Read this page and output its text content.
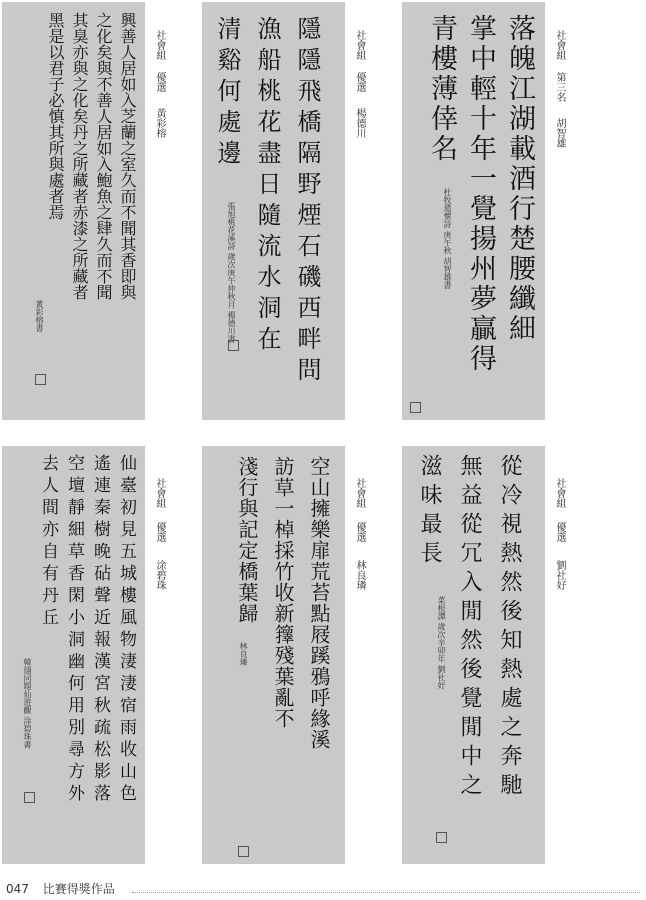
興善人居如入芝蘭之室久而不聞其香即與
之化矣與不善人居如入鮑魚之肆久而不聞
其臭亦與之化矣丹之所藏者赤漆之所藏者
黑是以君子必慎其所與處者焉
黃彩榕書
社會組
優選
黃彩榕	隱隱飛橋隔野煙石磯西畔問
漁船桃花盡日隨流水洞在
清谿何處邊
張旭桃花溪詩 歲次庚午仲秋月 楊德川書
社會組
優選
楊德川	落魄江湖載酒行楚腰纖細
掌中輕十年一覺揚州夢贏得
青樓薄倖名
杜牧遣懷詩 庚午秋 胡智雄書
社會組
第三名
胡智雄
仙臺初見五城樓風物淒淒宿雨收山色
遙連秦樹晚砧聲近報漢宮秋疏松影落
空壇靜細草香閑小洞幽何用別尋方外
去人間亦自有丹丘
韓翃同題仙遊觀 涂碧珠書
社會組
優選
涂碧珠	空山擁樂扉荒苔點屐蹊鴉呼緣溪
訪草一棹採竹收新籜殘葉亂不
淺行與記定橋葉歸
林良璘
社會組
優選
林良璘	從冷視熱然後知熱處之奔馳
無益從冗入閒然後覺閒中之
滋味最長
菜根譚 歲次辛卯年 劉社好
社會組
優選
劉社好
047 比賽得獎作品
